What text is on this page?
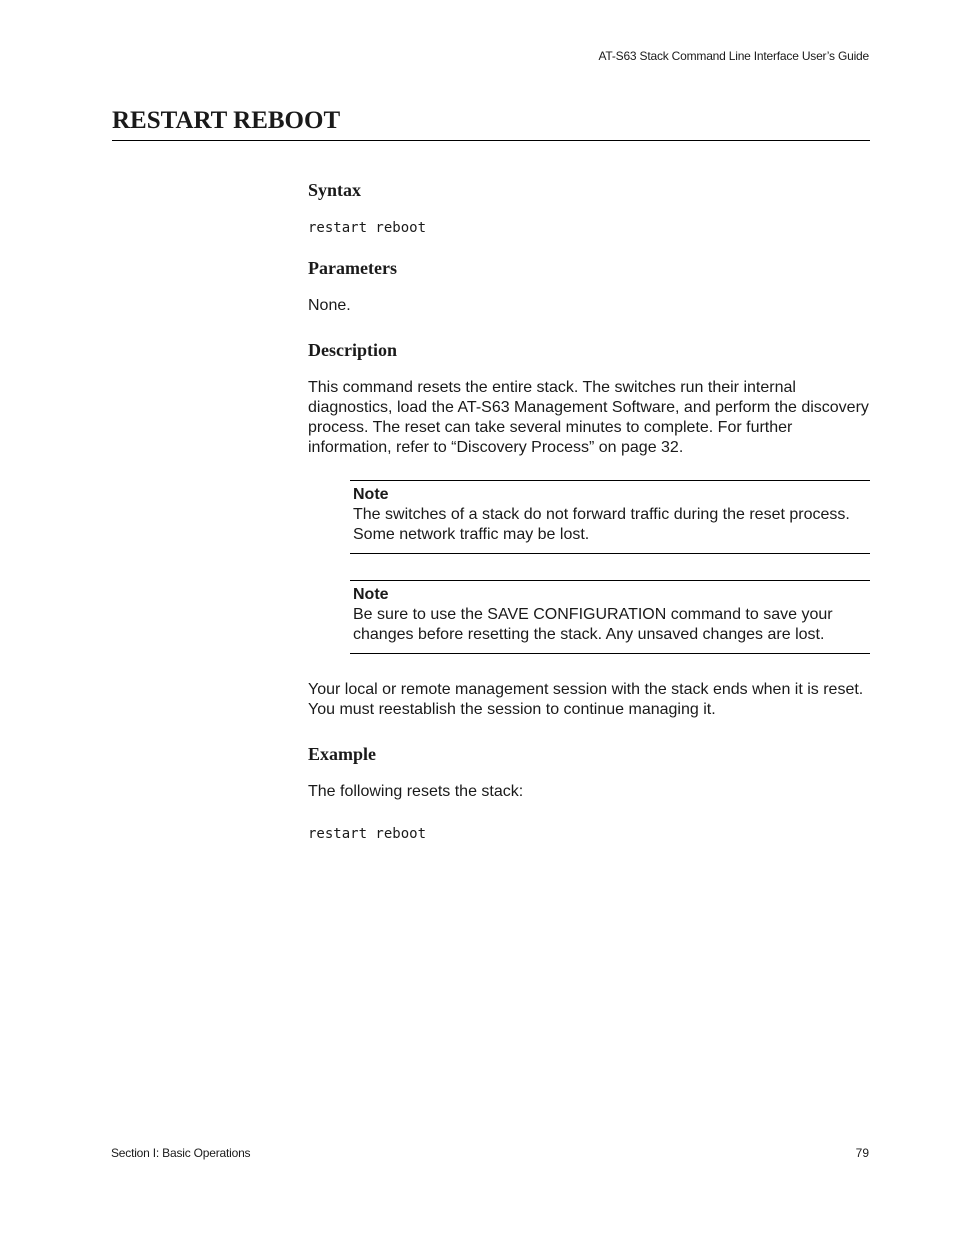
AT-S63 Stack Command Line Interface User’s Guide
RESTART REBOOT
Syntax
restart reboot
Parameters

None.

Description

This command resets the entire stack. The switches run their internal diagnostics, load the AT-S63 Management Software, and perform the discovery process. The reset can take several minutes to complete. For further information, refer to “Discovery Process” on page 32.

Note
The switches of a stack do not forward traffic during the reset process. Some network traffic may be lost.
Note
Be sure to use the SAVE CONFIGURATION command to save your changes before resetting the stack. Any unsaved changes are lost.

Your local or remote management session with the stack ends when it is reset. You must reestablish the session to continue managing it.

Example

The following resets the stack:

restart reboot
Section I: Basic Operations	79
